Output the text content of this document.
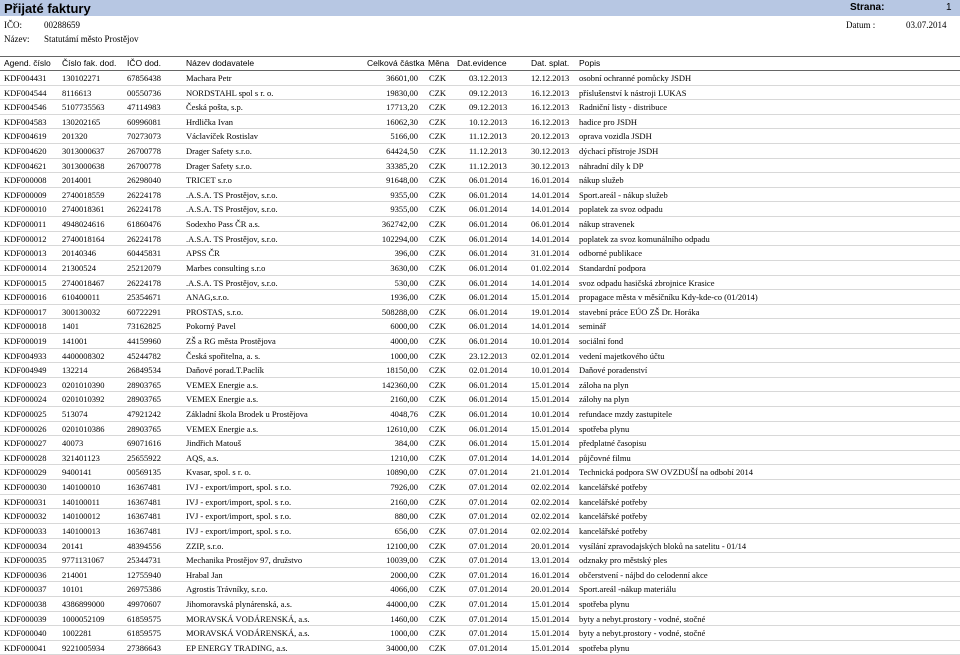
Přijaté faktury	Strana:	1
IČO: 00288659
Název: Statutámí město Prostějov
Datum :	03.07.2014
Agend. číslo Číslo fak. dod. IČO dod.	Název dodavatele	Celková částka Měna Dat.evidence	Dat. splat. Popis
KDF004431 130102271	67856438	Machara Petr	36601,00 CZK	03.12.2013	12.12.2013 osobní ochranné pomůcky JSDH
KDF004544 8116613	00550736	NORDSTAHL spol s r. o.	19830,00 CZK	09.12.2013	16.12.2013 příslušenství k nástroji LUKAS
KDF004546 5107735563	47114983	Česká pošta, s.p.	17713,20 CZK	09.12.2013	16.12.2013 Radniční listy - distribuce
KDF004583 130202165	60996081	Hrdlička Ivan	16062,30 CZK	10.12.2013	16.12.2013 hadice pro JSDH
KDF004619 201320	70273073	Václavíček Rostislav	5166,00 CZK	11.12.2013	20.12.2013 oprava vozidla JSDH
KDF004620 3013000637	26700778	Drager Safety s.r.o.	64424,50 CZK	11.12.2013	30.12.2013 dýchací přístroje JSDH
KDF004621 3013000638	26700778	Drager Safety s.r.o.	33385,20 CZK	11.12.2013	30.12.2013 náhradní díly k DP
KDF000008 2014001	26298040	TRICET s.r.o	91648,00 CZK	06.01.2014	16.01.2014 nákup služeb
KDF000009 2740018559	26224178	.A.S.A. TS Prostějov, s.r.o.	9355,00 CZK	06.01.2014	14.01.2014 Sport.areál - nákup služeb
KDF000010 2740018361	26224178	.A.S.A. TS Prostějov, s.r.o.	9355,00 CZK	06.01.2014	14.01.2014 poplatek za svoz odpadu
KDF000011 4948024616	61860476	Sodexho Pass ČR a.s.	362742,00 CZK	06.01.2014	06.01.2014 nákup stravenek
KDF000012 2740018164	26224178	.A.S.A. TS Prostějov, s.r.o.	102294,00 CZK	06.01.2014	14.01.2014 poplatek za svoz komunálního odpadu
KDF000013 20140346	60445831	APSS ČR	396,00 CZK	06.01.2014	31.01.2014 odborné publikace
KDF000014 21300524	25212079	Marbes consulting s.r.o	3630,00 CZK	06.01.2014	01.02.2014 Standardní podpora
KDF000015 2740018467	26224178	.A.S.A. TS Prostějov, s.r.o.	530,00 CZK	06.01.2014	14.01.2014 svoz odpadu hasičská zbrojnice Krasice
KDF000016 610400011	25354671	ANAG,s.r.o.	1936,00 CZK	06.01.2014	15.01.2014 propagace města v měsíčníku Kdy-kde-co (01/2014)
KDF000017 300130032	60722291	PROSTAS, s.r.o.	508288,00 CZK	06.01.2014	19.01.2014 stavební práce EÚO ZŠ Dr. Horáka
KDF000018 1401	73162825	Pokorný Pavel	6000,00 CZK	06.01.2014	14.01.2014 seminář
KDF000019 141001	44159960	ZŠ a RG města Prostějova	4000,00 CZK	06.01.2014	10.01.2014 sociální fond
KDF004933 4400008302	45244782	Česká spořitelna, a. s.	1000,00 CZK	23.12.2013	02.01.2014 vedení majetkového účtu
KDF004949 132214	26849534	Daňové porad.T.Paclík	18150,00 CZK	02.01.2014	10.01.2014 Daňové poradenství
KDF000023 0201010390	28903765	VEMEX Energie a.s.	142360,00 CZK	06.01.2014	15.01.2014 záloha na plyn
KDF000024 0201010392	28903765	VEMEX Energie a.s.	2160,00 CZK	06.01.2014	15.01.2014 zálohy na plyn
KDF000025 513074	47921242	Základní škola Brodek u Prostějova	4048,76 CZK	06.01.2014	10.01.2014 refundace mzdy zastupitele
KDF000026 0201010386	28903765	VEMEX Energie a.s.	12610,00 CZK	06.01.2014	15.01.2014 spotřeba plynu
KDF000027 40073	69071616	Jindřich Matouš	384,00 CZK	06.01.2014	15.01.2014 předplatné časopisu
KDF000028 321401123	25655922	AQS, a.s.	1210,00 CZK	07.01.2014	14.01.2014 půjčovné filmu
KDF000029 9400141	00569135	Kvasar, spol. s r. o.	10890,00 CZK	07.01.2014	21.01.2014 Technická podpora SW OVZDUŠÍ na odbobí 2014
KDF000030 140100010	16367481	IVJ - export/import, spol. s r.o.	7926,00 CZK	07.01.2014	02.02.2014 kancelářské potřeby
KDF000031 140100011	16367481	IVJ - export/import, spol. s r.o.	2160,00 CZK	07.01.2014	02.02.2014 kancelářské potřeby
KDF000032 140100012	16367481	IVJ - export/import, spol. s r.o.	880,00 CZK	07.01.2014	02.02.2014 kancelářské potřeby
KDF000033 140100013	16367481	IVJ - export/import, spol. s r.o.	656,00 CZK	07.01.2014	02.02.2014 kancelářské potřeby
KDF000034 20141	48394556	ZZIP, s.r.o.	12100,00 CZK	07.01.2014	20.01.2014 vysílání zpravodajských bloků na satelitu - 01/14
KDF000035 9771131067	25344731	Mechanika Prostějov 97, družstvo	10039,00 CZK	07.01.2014	13.01.2014 odznaky pro městský ples
KDF000036 214001	12755940	Hrabal Jan	2000,00 CZK	07.01.2014	16.01.2014 občerstvení - nájbd do celodenní akce
KDF000037 10101	26975386	Agrostis Trávníky, s.r.o.	4066,00 CZK	07.01.2014	20.01.2014 Sport.areál -nákup materiálu
KDF000038 4386899000	49970607	Jihomoravská plynárenská, a.s.	44000,00 CZK	07.01.2014	15.01.2014 spotřeba plynu
KDF000039 1000052109	61859575	MORAVSKÁ VODÁRENSKÁ, a.s.	1460,00 CZK	07.01.2014	15.01.2014 byty a nebyt.prostory - vodné, stočné
KDF000040 1002281	61859575	MORAVSKÁ VODÁRENSKÁ, a.s.	1000,00 CZK	07.01.2014	15.01.2014 byty a nebyt.prostory - vodné, stočné
KDF000041 9221005934	27386643	EP ENERGY TRADING, a.s.	34000,00 CZK	07.01.2014	15.01.2014 spotřeba plynu
